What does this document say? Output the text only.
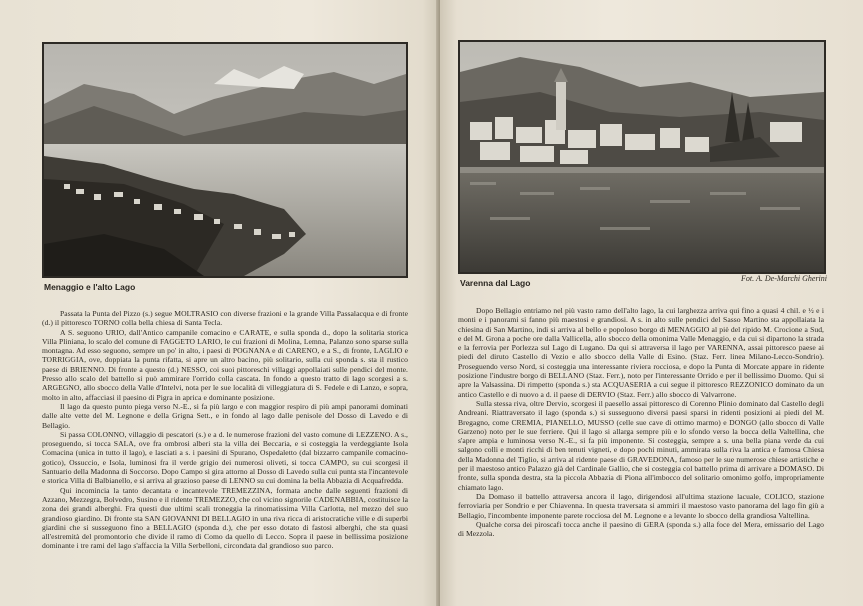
Menaggio e l'alto Lago

Passata la Punta del Pizzo (s.) segue MOLTRASIO con diverse frazioni e la grande Villa Passalacqua e di fronte (d.) il pittoresco TORNO colla bella chiesa di Santa Tecla.

A S. seguono URIO, dall'Antico campanile comacino e CARATE, e sulla sponda d., dopo la solitaria storica Villa Pliniana, lo scalo del comune di FAGGETO LARIO, le cui frazioni di Molina, Lemna, Palanzo sono sparse sulla montagna. Ad esso seguono, sempre un po' in alto, i paesi di POGNANA e di CARENO, e a S., di fronte, LAGLIO e TORRIGGIA, ove, doppiata la punta rifatta, si apre un altro bacino, più solitario, sulla cui sponda s. sta il rustico paese di BRIENNO. Di fronte a questo (d.) NESSO, coi suoi pittoreschi villaggi appollaiati sulle pendici del monte. Presso allo scalo del battello si può ammirare l'orrido colla cascata. In fondo a questo tratto di lago scorgesi a s. ARGEGNO, allo sbocco della Valle d'Intelvi, nota per le sue località di villeggiatura di S. Fedele e di Lanzo, e sopra, molto in alto, affacciasi il paesino di Pigra in aprica e dominante posizione.

Il lago da questo punto piega verso N.-E., si fa più largo e con maggior respiro di più ampi panorami dominati dalle alte vette del M. Legnone e della Grigna Sett., e in fondo al lago dalle penisole del Dosso di Lavedo e di Bellagio.

Si passa COLONNO, villaggio di pescatori (s.) e a d. le numerose frazioni del vasto comune di LEZZENO. A s., proseguendo, si tocca SALA, ove fra ombrosi alberi sta la villa dei Beccaria, e si costeggia la verdeggiante Isola Comacina (unica in tutto il lago), e lasciati a s. i paesini di Spurano, Ospedaletto (dal bizzarro campanile comacino-gotico), Ossuccio, e Isola, luminosi fra il verde grigio dei numerosi oliveti, si tocca CAMPO, su cui scorgesi il Santuario della Madonna di Soccorso. Dopo Campo si gira attorno al Dosso di Lavedo sulla cui punta sta l'incantevole e storica Villa di Balbianello, e si arriva al grazioso paese di LENNO su cui domina la bella Abbazia di Acquafredda.

Qui incomincia la tanto decantata e incantevole TREMEZZINA, formata anche dalle seguenti frazioni di Azzano, Mezzegra, Bolvedro, Susino e il ridente TREMEZZO, che col vicino signorile CADENABBIA, costituisce la zona dei grandi alberghi. Fra questi due ultimi scali troneggia la rinomatissima Villa Carlotta, nel mezzo del suo grandioso giardino. Di fronte sta SAN GIOVANNI DI BELLAGIO in una riva ricca di aristocratiche ville e di superbi giardini che si susseguono fino a BELLAGIO (sponda d.), che per esso dotato di fastosi alberghi, che sta quasi all'estremità del promontorio che divide il ramo di Como da quello di Lecco. Sopra il paese in bellissima posizione dominante i tre rami del lago s'affaccia la Villa Serbelloni, circondata dal grandioso suo parco.

Varenna dal Lago	Fot. A. De-Marchi Gherini

Dopo Bellagio entriamo nel più vasto ramo dell'alto lago, la cui larghezza arriva qui fino a quasi 4 chil. e ½ e i monti e i panorami si fanno più maestosi e grandiosi. A s. in alto sulle pendici del Sasso Martino sta appollaiata la chiesina di San Martino, indi si arriva al bello e popoloso borgo di MENAGGIO al piè del ripido M. Crocione a Sud, e del M. Grona a poche ore dalla Vallicella, allo sbocco della omonima Valle Menaggio, e da cui si dipartono la strada e la ferrovia per Porlezza sul Lago di Lugano. Da qui si attraversa il lago per VARENNA, assai pittoresco paese ai piedi del diruto Castello di Vezio e allo sbocco della Valle di Esino. (Staz. Ferr. linea Milano-Lecco-Sondrio). Proseguendo verso Nord, si costeggia una interessante riviera rocciosa, e dopo la Punta di Morcate appare in ridente posizione l'industre borgo di BELLANO (Staz. Ferr.), noto per l'interessante Orrido e per il bellissimo Duomo. Qui si apre la Valsassina. Di rimpetto (sponda s.) sta ACQUASERIA a cui segue il pittoresco REZZONICO dominato da un antico Castello e di nuovo a d. il paese di DERVIO (Staz. Ferr.) allo sbocco di Valvarrone.

Sulla stessa riva, oltre Dervio, scorgesi il paesello assai pittoresco di Corenno Plinio dominato dal Castello degli Andreani. Riattraversato il lago (sponda s.) si susseguono diversi paesi sparsi in ridenti posizioni ai piedi del M. Bregagno, come CREMIA, PIANELLO, MUSSO (celle sue cave di ottimo marmo) e DONGO (allo sbocco di Valle Garzeno) noto per le sue ferriere. Qui il lago si allarga sempre più e lo sfondo verso la bocca della Valtellina, che s'apre ampia e luminosa verso N.-E., si fa più imponente. Si costeggia, sempre a s. una bella piana verde da cui salgono colli e monti ricchi di ben tenuti vigneti, e dopo pochi minuti, ammirata sulla riva la antica e famosa Chiesa della Madonna del Tiglio, si arriva al ridente paese di GRAVEDONA, famoso per le sue numerose chiese artistiche e per il maestoso antico Palazzo già del Cardinale Gallio, che si costeggia col battello prima di arrivare a DOMASO. Di fronte, sulla sponda destra, sta la piccola Abbazia di Piona all'imbocco del solitario omonimo golfo, impropriamente chiamato lago.

Da Domaso il battello attraversa ancora il lago, dirigendosi all'ultima stazione lacuale, COLICO, stazione ferroviaria per Sondrio e per Chiavenna. In questa traversata si ammiri il maestoso vasto panorama del lago fin giù a Bellagio, l'incombente imponente parete rocciosa del M. Legnone e a levante lo sbocco della grandiosa Valtellina.

Qualche corsa dei piroscafi tocca anche il paesino di GERA (sponda s.) alla foce del Mera, emissario del Lago di Mezzola.
